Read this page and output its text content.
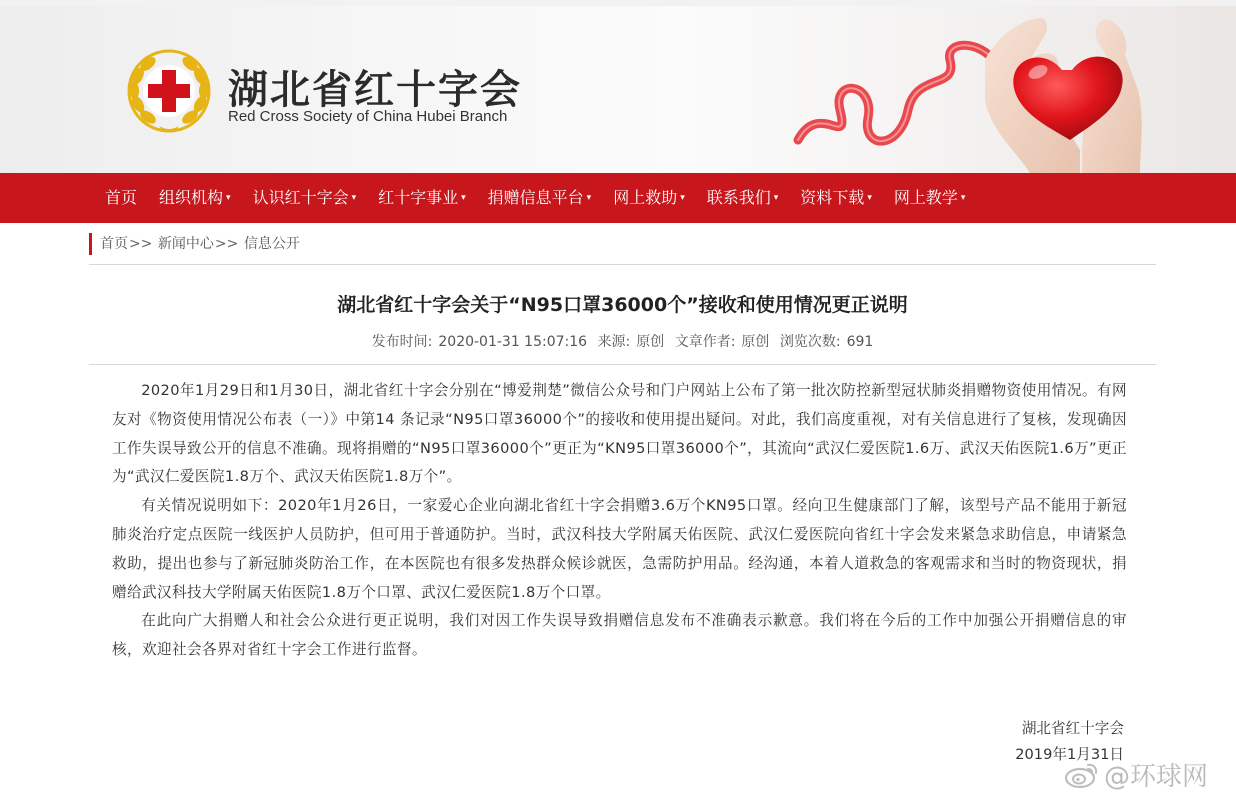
湖北省红十字会
Red Cross Society of China Hubei Branch
首页 组织机构 ▾ 认识红十字会 ▾ 红十字事业 ▾ 捐赠信息平台 ▾ 网上救助 ▾ 联系我们 ▾ 资料下载 ▾ 网上教学 ▾
首页>> 新闻中心>> 信息公开
湖北省红十字会关于“N95口罩36000个”接收和使用情况更正说明
发布时间: 2020-01-31 15:07:16 来源: 原创 文章作者: 原创 浏览次数: 691

2020年1月29日和1月30日，湖北省红十字会分别在“博爱荆楚”微信公众号和门户网站上公布了第一批次防控新型冠状肺炎捐赠物资使用情况。有网友对《物资使用情况公布表（一）》中第14 条记录“N95口罩36000个”的接收和使用提出疑问。对此，我们高度重视，对有关信息进行了复核，发现确因工作失误导致公开的信息不准确。现将捐赠的“N95口罩36000个”更正为“KN95口罩36000个”，其流向“武汉仁爱医院1.6万、武汉天佑医院1.6万”更正为“武汉仁爱医院1.8万个、武汉天佑医院1.8万个”。

有关情况说明如下：2020年1月26日，一家爱心企业向湖北省红十字会捐赠3.6万个KN95口罩。经向卫生健康部门了解，该型号产品不能用于新冠肺炎治疗定点医院一线医护人员防护，但可用于普通防护。当时，武汉科技大学附属天佑医院、武汉仁爱医院向省红十字会发来紧急求助信息，申请紧急救助，提出也参与了新冠肺炎防治工作，在本医院也有很多发热群众候诊就医，急需防护用品。经沟通，本着人道救急的客观需求和当时的物资现状，捐赠给武汉科技大学附属天佑医院1.8万个口罩、武汉仁爱医院1.8万个口罩。

在此向广大捐赠人和社会公众进行更正说明，我们对因工作失误导致捐赠信息发布不准确表示歉意。我们将在今后的工作中加强公开捐赠信息的审核，欢迎社会各界对省红十字会工作进行监督。

湖北省红十字会
2019年1月31日
@环球网
